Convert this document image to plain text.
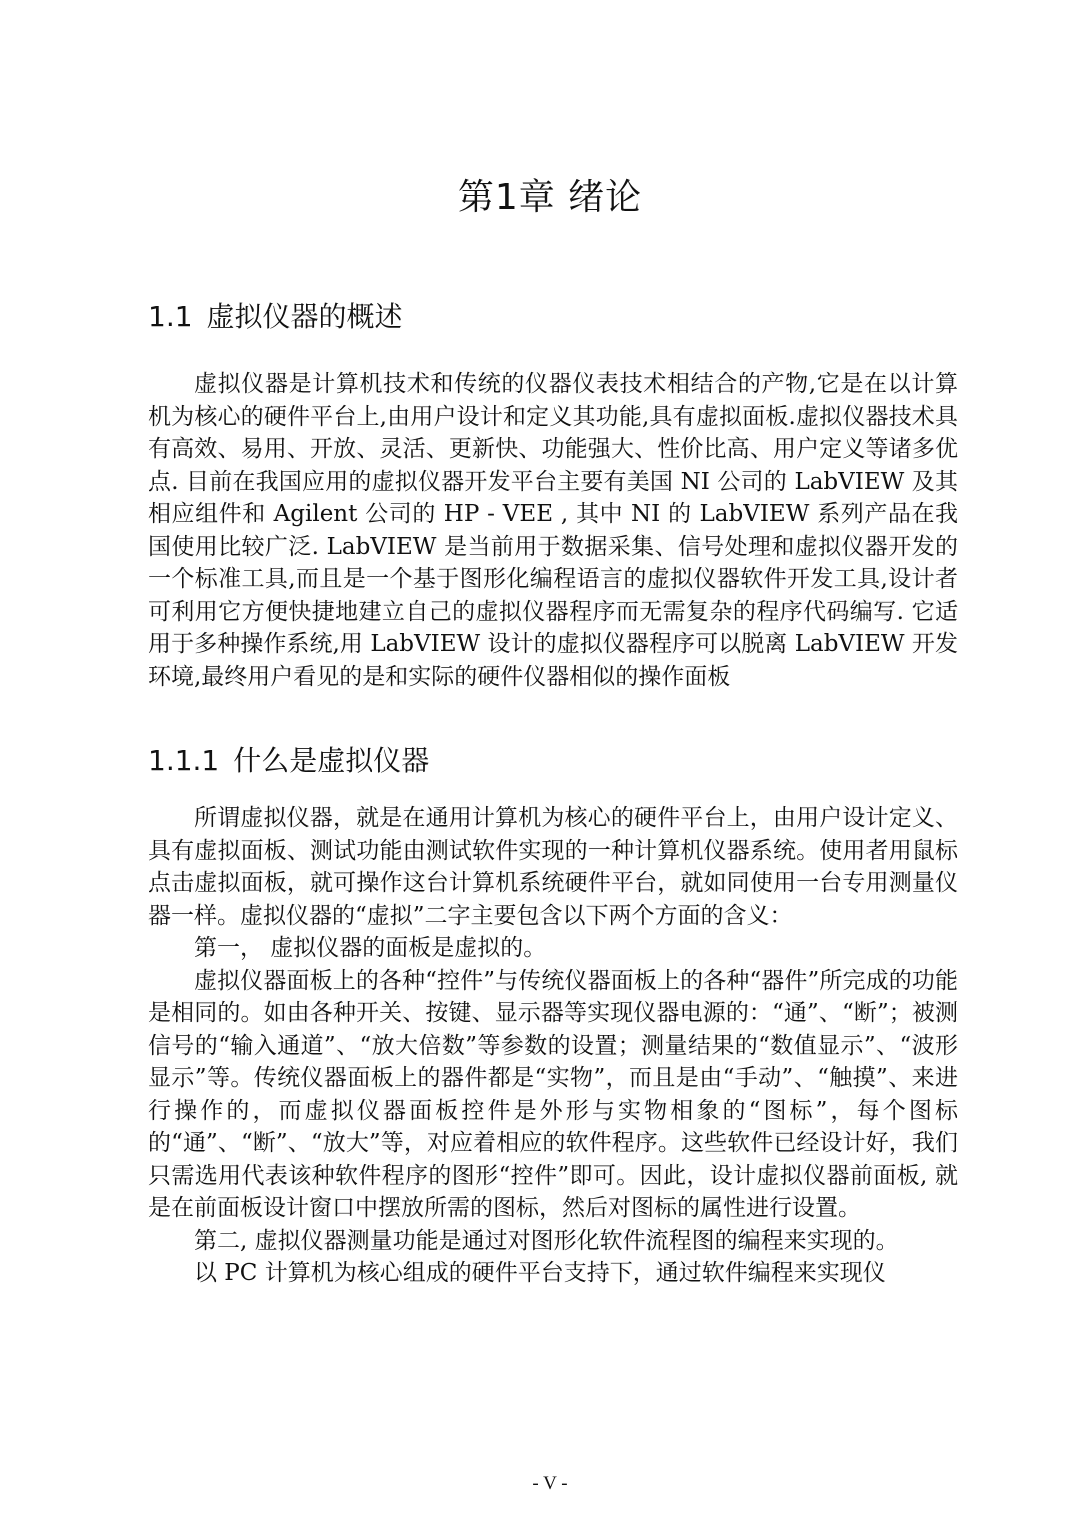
第1章 绪论
1.1 虚拟仪器的概述

虚拟仪器是计算机技术和传统的仪器仪表技术相结合的产物,它是在以计算机为核心的硬件平台上,由用户设计和定义其功能,具有虚拟面板.虚拟仪器技术具有高效、易用、开放、灵活、更新快、功能强大、性价比高、用户定义等诸多优点. 目前在我国应用的虚拟仪器开发平台主要有美国 NI 公司的 LabVIEW 及其相应组件和 Agilent 公司的 HP - VEE , 其中 NI 的 LabVIEW 系列产品在我国使用比较广泛. LabVIEW 是当前用于数据采集、信号处理和虚拟仪器开发的一个标准工具,而且是一个基于图形化编程语言的虚拟仪器软件开发工具,设计者可利用它方便快捷地建立自己的虚拟仪器程序而无需复杂的程序代码编写. 它适用于多种操作系统,用 LabVIEW 设计的虚拟仪器程序可以脱离 LabVIEW 开发环境,最终用户看见的是和实际的硬件仪器相似的操作面板

1.1.1 什么是虚拟仪器

所谓虚拟仪器，就是在通用计算机为核心的硬件平台上，由用户设计定义、具有虚拟面板、测试功能由测试软件实现的一种计算机仪器系统。使用者用鼠标点击虚拟面板，就可操作这台计算机系统硬件平台，就如同使用一台专用测量仪器一样。虚拟仪器的“虚拟”二字主要包含以下两个方面的含义：

第一， 虚拟仪器的面板是虚拟的。

虚拟仪器面板上的各种“控件”与传统仪器面板上的各种“器件”所完成的功能是相同的。如由各种开关、按键、显示器等实现仪器电源的：“通”、“断”；被测信号的“输入通道”、“放大倍数”等参数的设置；测量结果的“数值显示”、“波形显示”等。传统仪器面板上的器件都是“实物”，而且是由“手动”、“触摸”、来进行操作的，而虚拟仪器面板控件是外形与实物相象的“图标”，每个图标的“通”、“断”、“放大”等，对应着相应的软件程序。这些软件已经设计好，我们只需选用代表该种软件程序的图形“控件”即可。因此，设计虚拟仪器前面板, 就是在前面板设计窗口中摆放所需的图标，然后对图标的属性进行设置。

第二, 虚拟仪器测量功能是通过对图形化软件流程图的编程来实现的。

以 PC 计算机为核心组成的硬件平台支持下，通过软件编程来实现仪

- V -
